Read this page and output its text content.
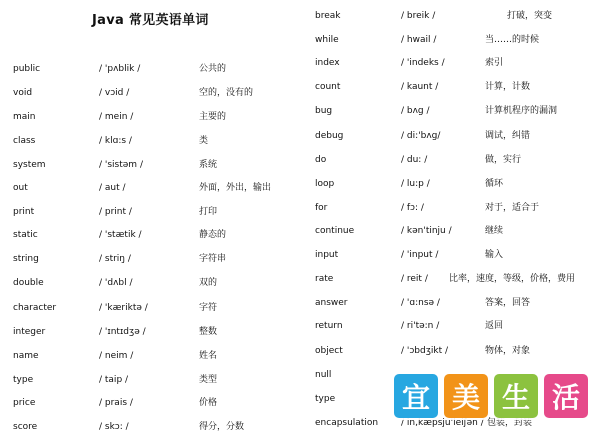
Java 常见英语单词
public	/ 'pʌblik /	公共的
void	/ vɔid /	空的，没有的
main	/ mein /	主要的
class	/ klɑ:s /	类
system	/ 'sistəm /	系统
out	/ aut /	外面，外出，输出
print	/ print /	打印
static	/ 'stætik /	静态的
string	/ striŋ /	字符串
double	/ 'dʌbl /	双的
character	/ 'kæriktə /	字符
integer	/ 'ɪntɪdʒə /	整数
name	/ neim /	姓名
type	/ taip /	类型
price	/ prais /	价格
score	/ skɔ: /	得分，分数
break	/ breik /	打破，突变
while	/ hwail /	当……的时候
index	/ 'indeks /	索引
count	/ kaunt /	计算，计数
bug	/ bʌg /	计算机程序的漏洞
debug	/ di:'bʌg/	调试，纠错
do	/ du: /	做，实行
loop	/ lu:p /	循环
for	/ fɔ: /	对于，适合于
continue	/ kən'tinju /	继续
input	/ 'input /	输入
rate	/ reit / 比率，速度，等级，价格，费用
answer	/ 'ɑ:nsə /	答案，回答
return	/ ri'tə:n /	返回
object	/ 'ɔbdʒikt /	物体，对象
null
type
encapsulation	/ in,kæpsju'leiʃən / 包装，封装
宜 美 生 活
